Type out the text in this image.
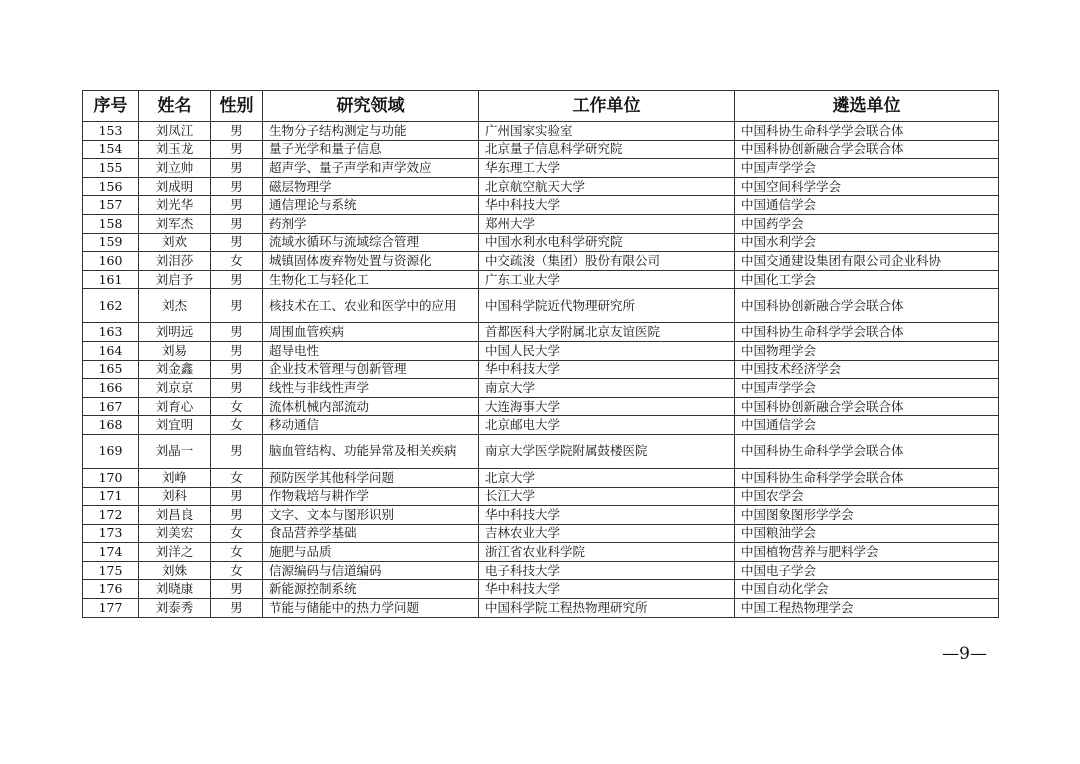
序号	姓名	性别	研究领域	工作单位	遴选单位
153	刘凤江	男	生物分子结构测定与功能	广州国家实验室	中国科协生命科学学会联合体
154	刘玉龙	男	量子光学和量子信息	北京量子信息科学研究院	中国科协创新融合学会联合体
155	刘立帅	男	超声学、量子声学和声学效应	华东理工大学	中国声学学会
156	刘成明	男	磁层物理学	北京航空航天大学	中国空间科学学会
157	刘光华	男	通信理论与系统	华中科技大学	中国通信学会
158	刘军杰	男	药剂学	郑州大学	中国药学会
159	刘欢	男	流域水循环与流域综合管理	中国水利水电科学研究院	中国水利学会
160	刘泪莎	女	城镇固体废弃物处置与资源化	中交疏浚（集团）股份有限公司	中国交通建设集团有限公司企业科协
161	刘启予	男	生物化工与轻化工	广东工业大学	中国化工学会
162	刘杰	男	核技术在工、农业和医学中的应用	中国科学院近代物理研究所	中国科协创新融合学会联合体
163	刘明远	男	周围血管疾病	首都医科大学附属北京友谊医院	中国科协生命科学学会联合体
164	刘易	男	超导电性	中国人民大学	中国物理学会
165	刘金鑫	男	企业技术管理与创新管理	华中科技大学	中国技术经济学会
166	刘京京	男	线性与非线性声学	南京大学	中国声学学会
167	刘育心	女	流体机械内部流动	大连海事大学	中国科协创新融合学会联合体
168	刘宜明	女	移动通信	北京邮电大学	中国通信学会
169	刘晶一	男	脑血管结构、功能异常及相关疾病	南京大学医学院附属鼓楼医院	中国科协生命科学学会联合体
170	刘峥	女	预防医学其他科学问题	北京大学	中国科协生命科学学会联合体
171	刘科	男	作物栽培与耕作学	长江大学	中国农学会
172	刘昌良	男	文字、文本与图形识别	华中科技大学	中国图象图形学学会
173	刘美宏	女	食品营养学基础	吉林农业大学	中国粮油学会
174	刘洋之	女	施肥与品质	浙江省农业科学院	中国植物营养与肥料学会
175	刘姝	女	信源编码与信道编码	电子科技大学	中国电子学会
176	刘晓康	男	新能源控制系统	华中科技大学	中国自动化学会
177	刘泰秀	男	节能与储能中的热力学问题	中国科学院工程热物理研究所	中国工程热物理学会
—9—
